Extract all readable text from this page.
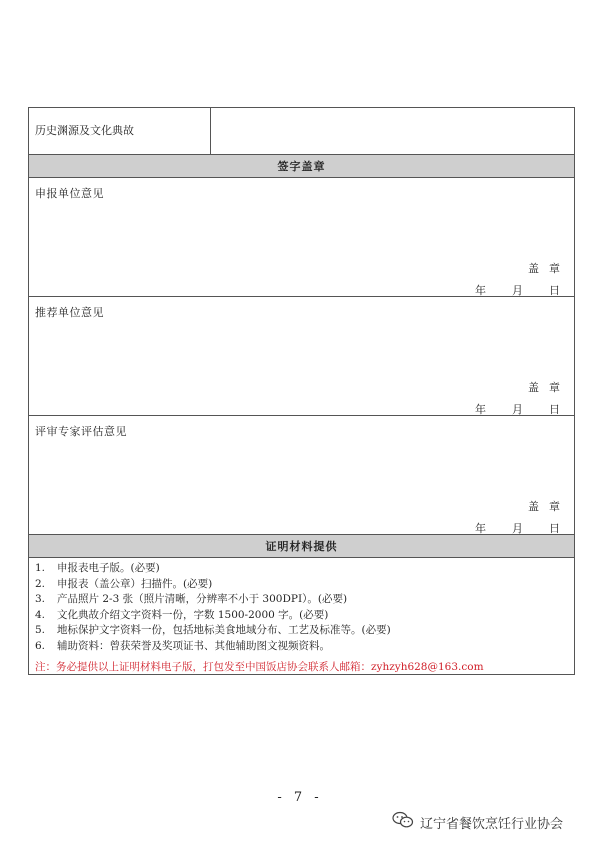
历史渊源及文化典故
签字盖章
申报单位意见
盖 章
年 月 日
推荐单位意见
盖 章
年 月 日
评审专家评估意见
盖 章
年 月 日
证明材料提供
1. 申报表电子版。(必要)
2. 申报表（盖公章）扫描件。(必要)
3. 产品照片 2-3 张（照片清晰，分辨率不小于 300DPI）。(必要)
4. 文化典故介绍文字资料一份，字数 1500-2000 字。(必要)
5. 地标保护文字资料一份，包括地标美食地域分布、工艺及标准等。(必要)
6. 辅助资料：曾获荣誉及奖项证书、其他辅助图文视频资料。
注：务必提供以上证明材料电子版，打包发至中国饭店协会联系人邮箱：zyhzyh628@163.com
- 7 -
辽宁省餐饮烹饪行业协会
